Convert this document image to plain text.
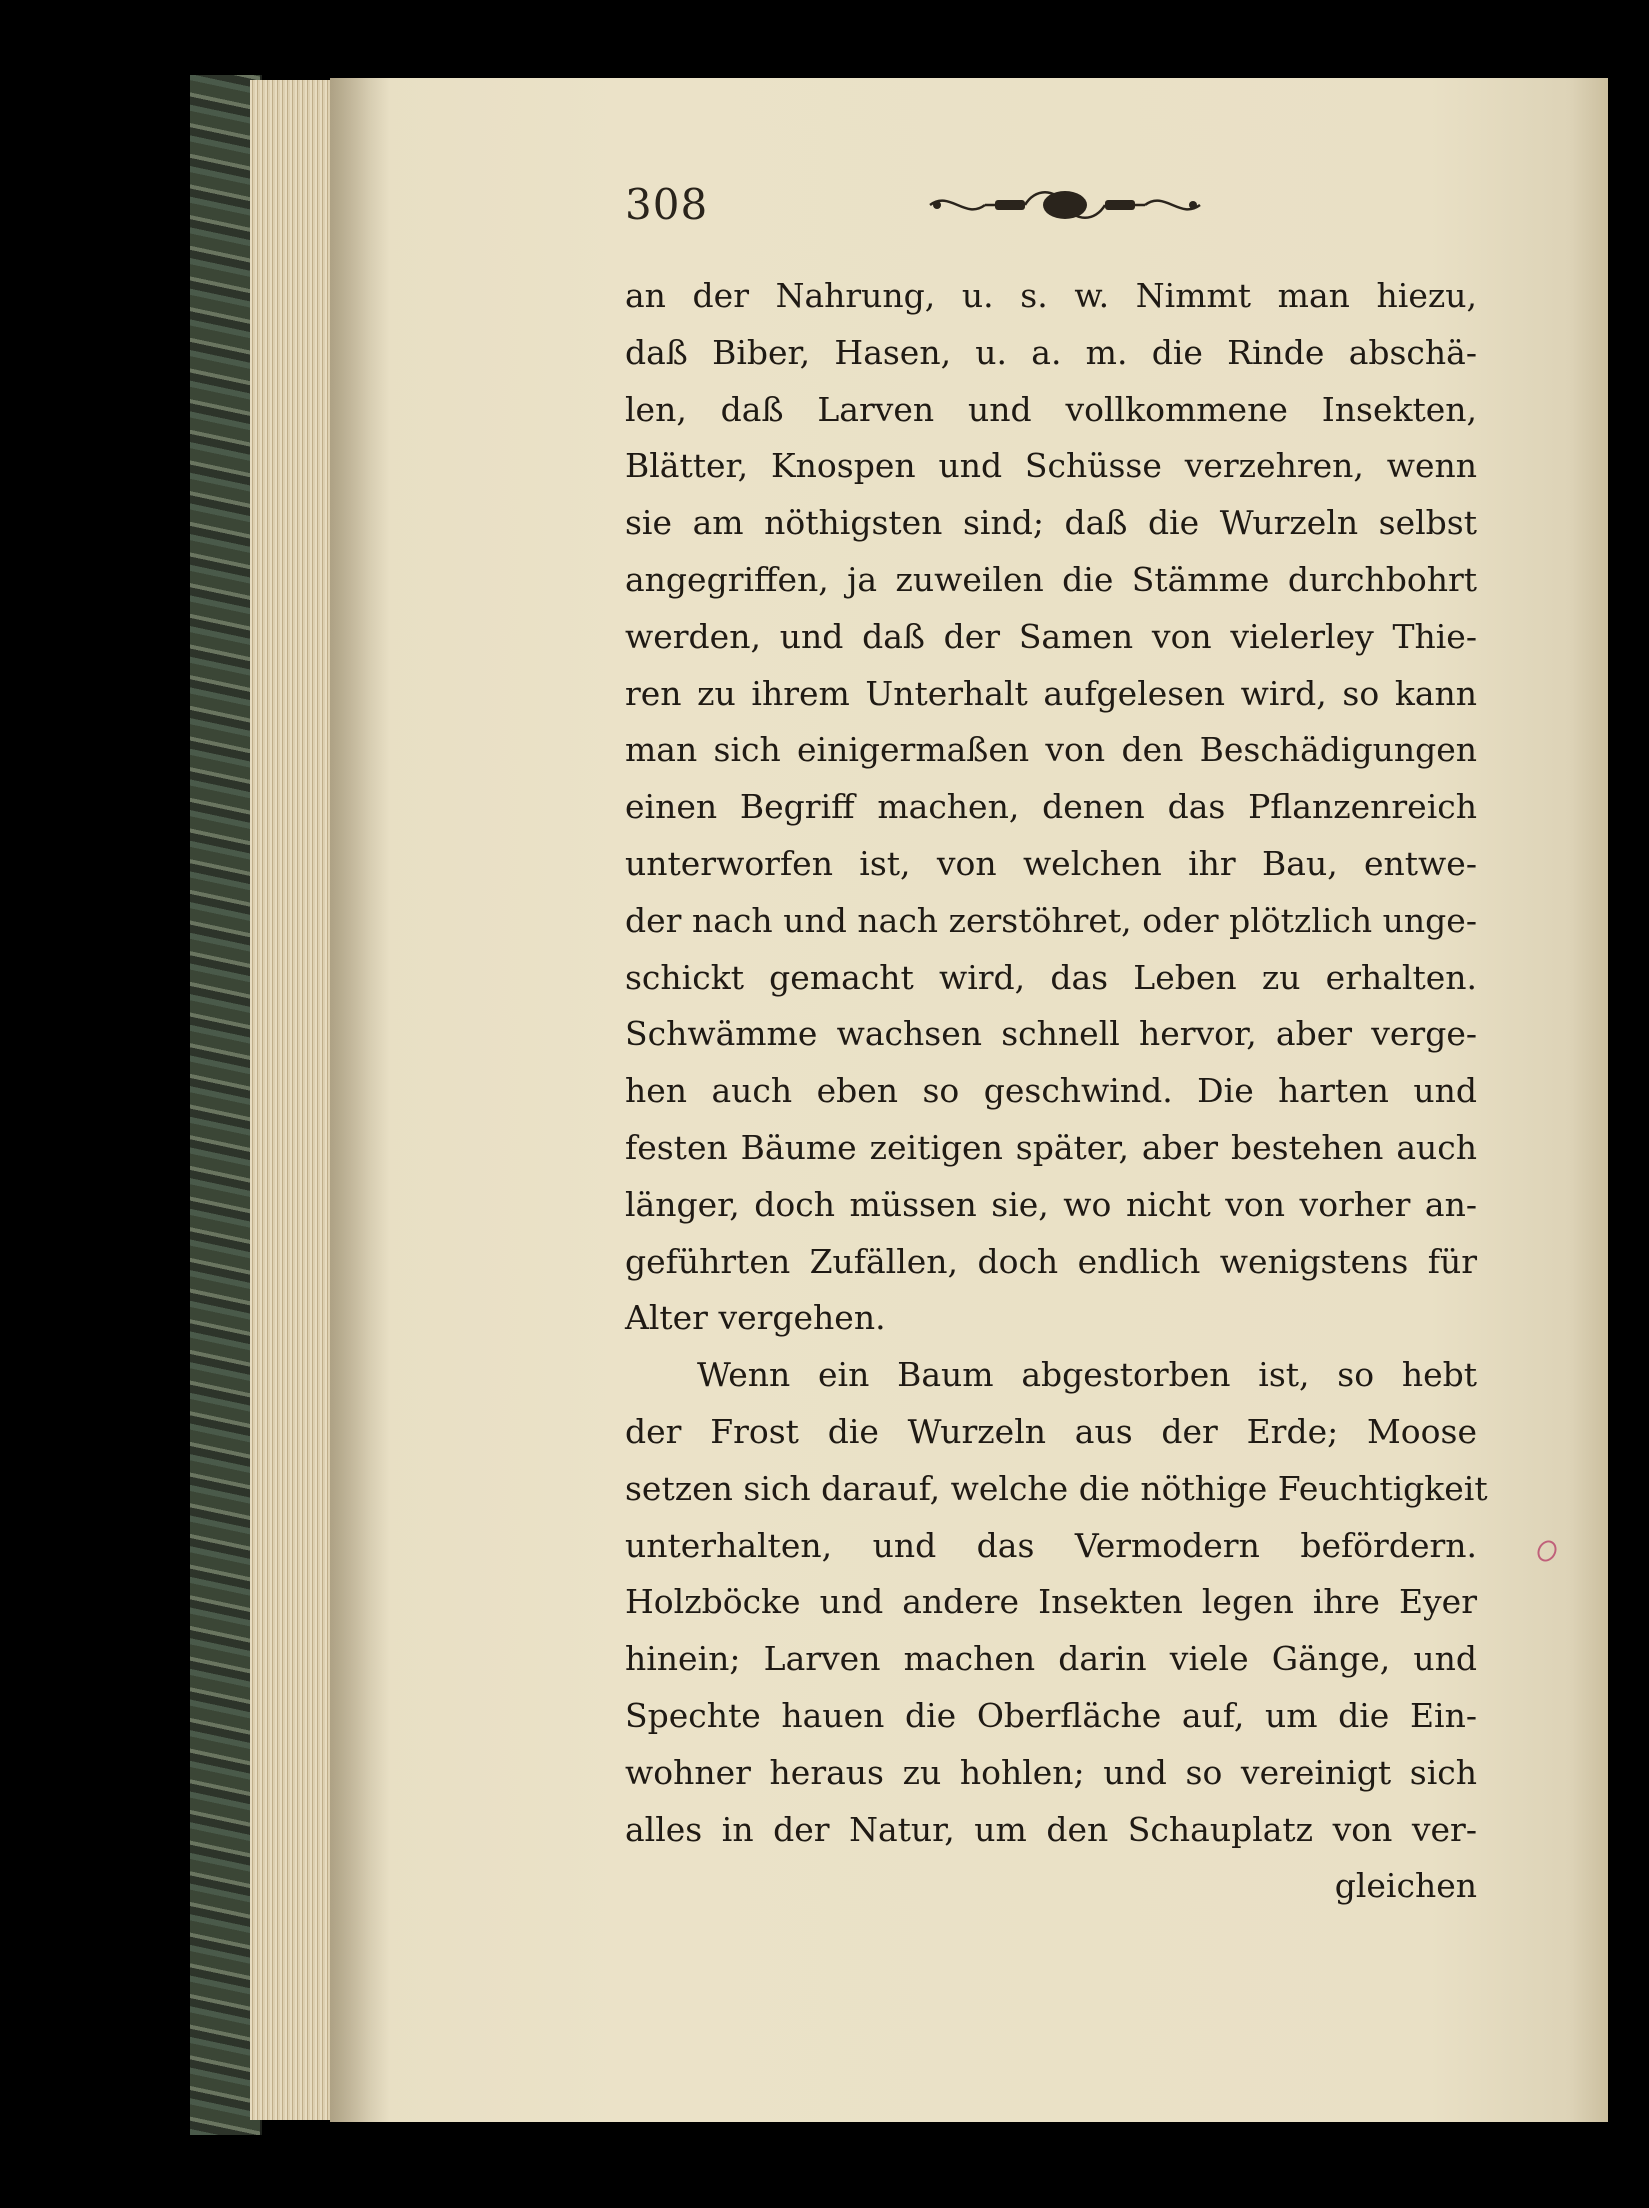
308
an der Nahrung, u. s. w. Nimmt man hiezu,
daß Biber, Hasen, u. a. m. die Rinde abschä-
len, daß Larven und vollkommene Insekten,
Blätter, Knospen und Schüsse verzehren, wenn
sie am nöthigsten sind; daß die Wurzeln selbst
angegriffen, ja zuweilen die Stämme durchbohrt
werden, und daß der Samen von vielerley Thie-
ren zu ihrem Unterhalt aufgelesen wird, so kann
man sich einigermaßen von den Beschädigungen
einen Begriff machen, denen das Pflanzenreich
unterworfen ist, von welchen ihr Bau, entwe-
der nach und nach zerstöhret, oder plötzlich unge-
schickt gemacht wird, das Leben zu erhalten.
Schwämme wachsen schnell hervor, aber verge-
hen auch eben so geschwind. Die harten und
festen Bäume zeitigen später, aber bestehen auch
länger, doch müssen sie, wo nicht von vorher an-
geführten Zufällen, doch endlich wenigstens für
Alter vergehen.
Wenn ein Baum abgestorben ist, so hebt
der Frost die Wurzeln aus der Erde; Moose
setzen sich darauf, welche die nöthige Feuchtigkeit
unterhalten, und das Vermodern befördern.
Holzböcke und andere Insekten legen ihre Eyer
hinein; Larven machen darin viele Gänge, und
Spechte hauen die Oberfläche auf, um die Ein-
wohner heraus zu hohlen; und so vereinigt sich
alles in der Natur, um den Schauplatz von ver-
gleichen
